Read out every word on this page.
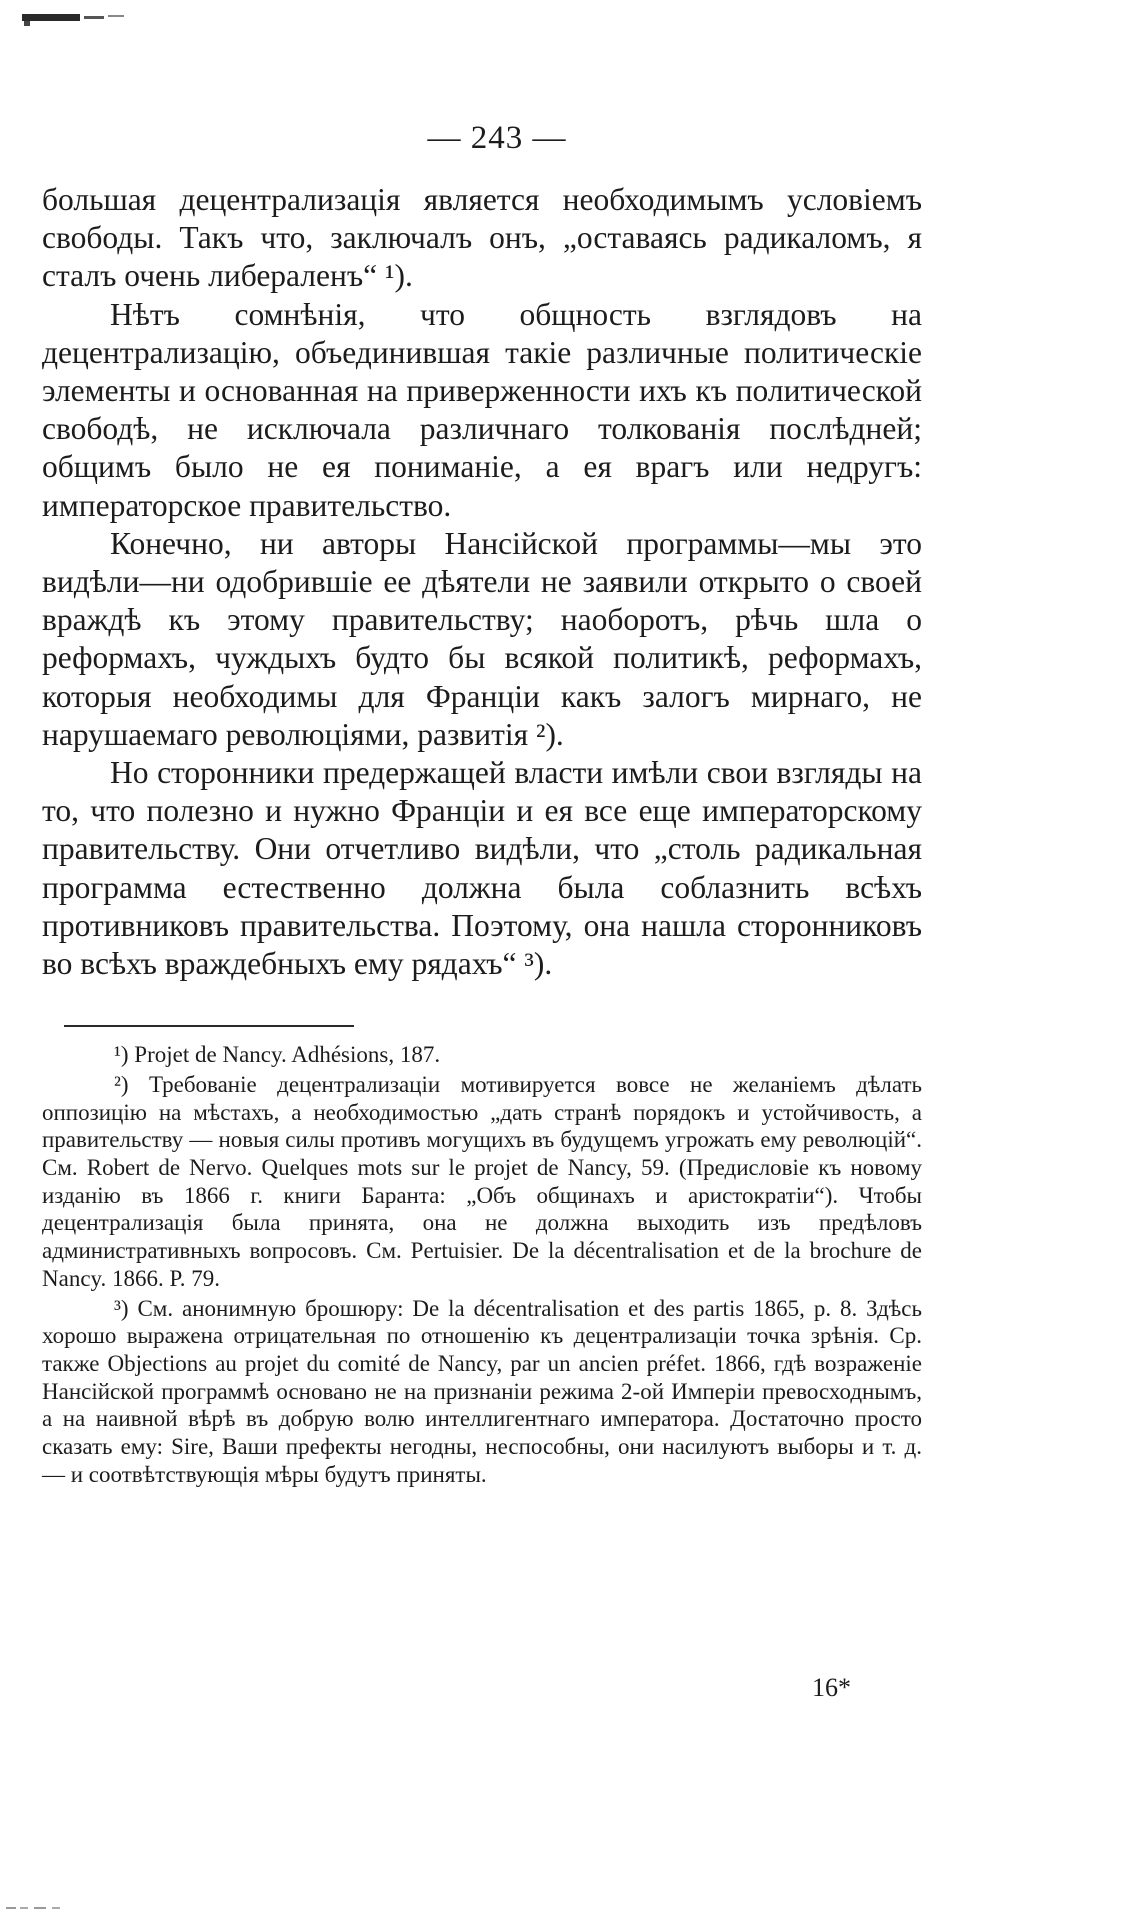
— 243 —

большая децентрализація является необходимымъ условіемъ свободы. Такъ что, заключалъ онъ, „оставаясь радикаломъ, я сталъ очень либераленъ“ ¹).

Нѣтъ сомнѣнія, что общность взглядовъ на децентрализацію, объединившая такіе различные политическіе элементы и основанная на приверженности ихъ къ политической свободѣ, не исключала различнаго толкованія послѣдней; общимъ было не ея пониманіе, а ея врагъ или недругъ: императорское правительство.

Конечно, ни авторы Нансійской программы—мы это видѣли—ни одобрившіе ее дѣятели не заявили открыто о своей враждѣ къ этому правительству; наоборотъ, рѣчь шла о реформахъ, чуждыхъ будто бы всякой политикѣ, реформахъ, которыя необходимы для Франціи какъ залогъ мирнаго, не нарушаемаго революціями, развитія ²).

Но сторонники предержащей власти имѣли свои взгляды на то, что полезно и нужно Франціи и ея все еще императорскому правительству. Они отчетливо видѣли, что „столь радикальная программа естественно должна была соблазнить всѣхъ противниковъ правительства. Поэтому, она нашла сторонниковъ во всѣхъ враждебныхъ ему рядахъ“ ³).

¹) Projet de Nancy. Adhésions, 187.

²) Требованіе децентрализаціи мотивируется вовсе не желаніемъ дѣлать оппозицію на мѣстахъ, а необходимостью „дать странѣ порядокъ и устойчивость, а правительству — новыя силы противъ могущихъ въ будущемъ угрожать ему революцій“. См. Robert de Nervo. Quelques mots sur le projet de Nancy, 59. (Предисловіе къ новому изданію въ 1866 г. книги Баранта: „Объ общинахъ и аристократіи“). Чтобы децентрализація была принята, она не должна выходить изъ предѣловъ административныхъ вопросовъ. См. Pertuisier. De la décentralisation et de la brochure de Nancy. 1866. P. 79.

³) См. анонимную брошюру: De la décentralisation et des partis 1865, p. 8. Здѣсь хорошо выражена отрицательная по отношенію къ децентрализаціи точка зрѣнія. Ср. также Objections au projet du comité de Nancy, par un ancien préfet. 1866, гдѣ возраженіе Нансійской программѣ основано не на признаніи режима 2-ой Имперіи превосходнымъ, а на наивной вѣрѣ въ добрую волю интеллигентнаго императора. Достаточно просто сказать ему: Sire, Ваши префекты негодны, неспособны, они насилуютъ выборы и т. д. — и соотвѣтствующія мѣры будутъ приняты.

16*
